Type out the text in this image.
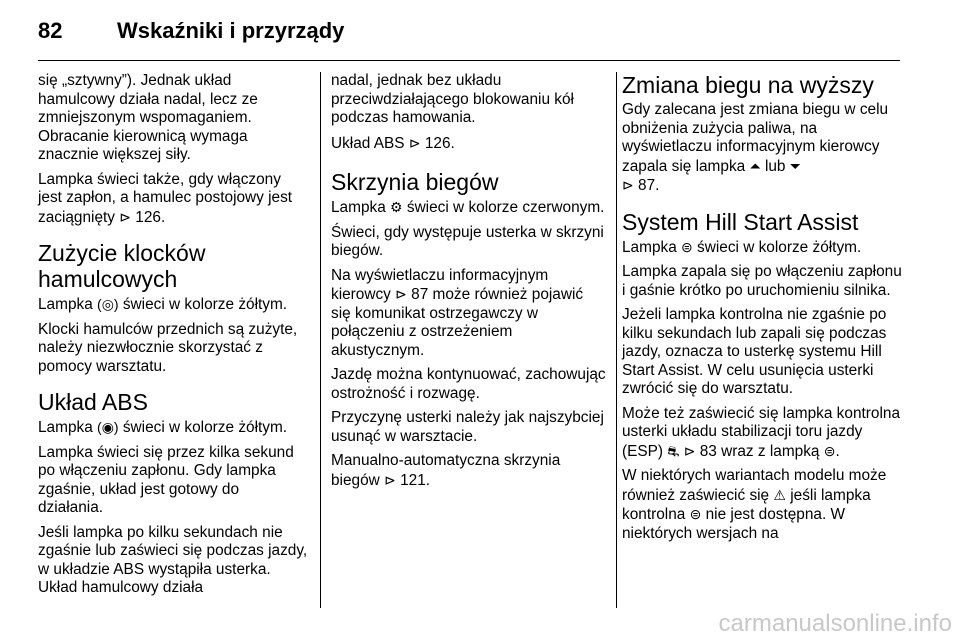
82 Wskaźniki i przyrządy

się „sztywny”). Jednak układ hamulcowy działa nadal, lecz ze zmniejszonym wspomaganiem. Obracanie kierownicą wymaga znacznie większej siły.

Lampka świeci także, gdy włączony jest zapłon, a hamulec postojowy jest zaciągnięty ⊳ 126.

Zużycie klocków hamulcowych

Lampka (◎) świeci w kolorze żółtym.

Klocki hamulców przednich są zużyte, należy niezwłocznie skorzystać z pomocy warsztatu.

Układ ABS

Lampka (◉) świeci w kolorze żółtym.

Lampka świeci się przez kilka sekund po włączeniu zapłonu. Gdy lampka zgaśnie, układ jest gotowy do działania.

Jeśli lampka po kilku sekundach nie zgaśnie lub zaświeci się podczas jazdy, w układzie ABS wystąpiła usterka. Układ hamulcowy działa

nadal, jednak bez układu przeciwdziałającego blokowaniu kół podczas hamowania.

Układ ABS ⊳ 126.

Skrzynia biegów

Lampka ⚙ świeci w kolorze czerwonym.

Świeci, gdy występuje usterka w skrzyni biegów.

Na wyświetlaczu informacyjnym kierowcy ⊳ 87 może również pojawić się komunikat ostrzegawczy w połączeniu z ostrzeżeniem akustycznym.

Jazdę można kontynuować, zachowując ostrożność i rozwagę.

Przyczynę usterki należy jak najszybciej usunąć w warsztacie.

Manualno-automatyczna skrzynia biegów ⊳ 121.

Zmiana biegu na wyższy

Gdy zalecana jest zmiana biegu w celu obniżenia zużycia paliwa, na wyświetlaczu informacyjnym kierowcy zapala się lampka ⏶ lub ⏷
⊳ 87.

System Hill Start Assist

Lampka ⊜ świeci w kolorze żółtym.

Lampka zapala się po włączeniu zapłonu i gaśnie krótko po uruchomieniu silnika.

Jeżeli lampka kontrolna nie zgaśnie po kilku sekundach lub zapali się podczas jazdy, oznacza to usterkę systemu Hill Start Assist. W celu usunięcia usterki zwrócić się do warsztatu.

Może też zaświecić się lampka kontrolna usterki układu stabilizacji toru jazdy (ESP) ⛐ ⊳ 83 wraz z lampką ⊜.

W niektórych wariantach modelu może również zaświecić się ⚠ jeśli lampka kontrolna ⊜ nie jest dostępna. W niektórych wersjach na

carmanualsonline.info
